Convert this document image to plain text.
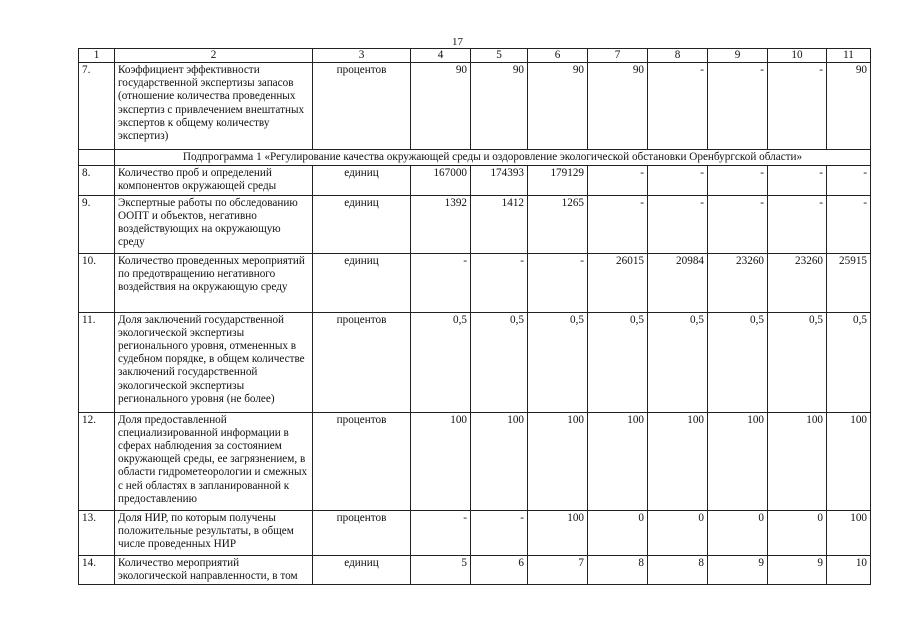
17
1	2	3	4	5	6	7	8	9	10	11
7.	Коэффициент эффективности государственной экспертизы запасов (отношение количества проведенных экспертиз с привлечением внештатных экспертов к общему количеству экспертиз)	процентов	90	90	90	90	-	-	-	90
	Подпрограмма 1 «Регулирование качества окружающей среды и оздоровление экологической обстановки Оренбургской области»									
8.	Количество проб и определений компонентов окружающей среды	единиц	167000	174393	179129	-	-	-	-	-
9.	Экспертные работы по обследованию ООПТ и объектов, негативно воздействующих на окружающую среду	единиц	1392	1412	1265	-	-	-	-	-
10.	Количество проведенных мероприятий по предотвращению негативного воздействия на окружающую среду	единиц	-	-	-	26015	20984	23260	23260	25915
11.	Доля заключений государственной экологической экспертизы регионального уровня, отмененных в судебном порядке, в общем количестве заключений государственной экологической экспертизы регионального уровня (не более)	процентов	0,5	0,5	0,5	0,5	0,5	0,5	0,5	0,5
12.	Доля предоставленной специализированной информации в сферах наблюдения за состоянием окружающей среды, ее загрязнением, в области гидрометеорологии и смежных с ней областях в запланированной к предоставлению	процентов	100	100	100	100	100	100	100	100
13.	Доля НИР, по которым получены положительные результаты, в общем числе проведенных НИР	процентов	-	-	100	0	0	0	0	100
14.	Количество мероприятий экологической направленности, в том	единиц	5	6	7	8	8	9	9	10
